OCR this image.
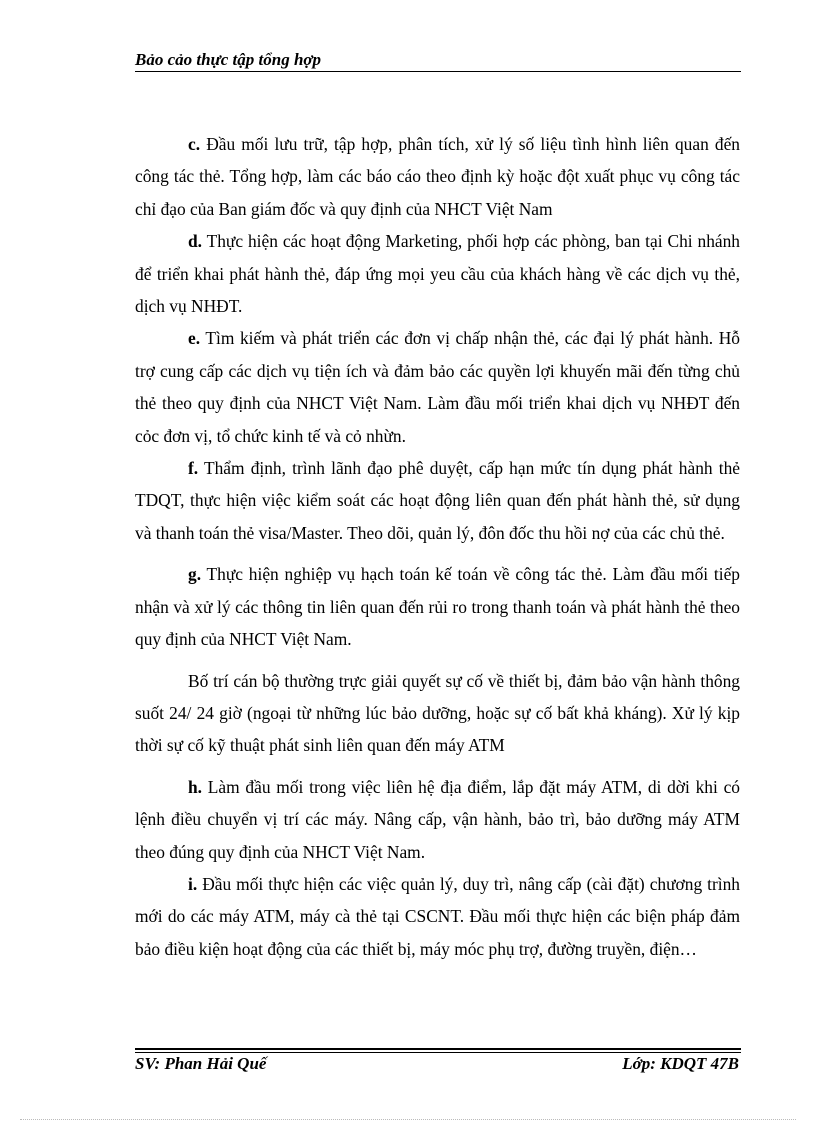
Bảo cảo thực tập tổng hợp

c. Đầu mối lưu trữ, tập hợp, phân tích, xử lý số liệu tình hình liên quan đến công tác thẻ. Tổng hợp, làm các báo cáo theo định kỳ hoặc đột xuất phục vụ công tác chỉ đạo của Ban giám đốc và quy định của NHCT Việt Nam

d. Thực hiện các hoạt động Marketing, phối hợp các phòng, ban tại Chi nhánh để triển khai phát hành thẻ, đáp ứng mọi yeu cầu của khách hàng về các dịch vụ thẻ, dịch vụ NHĐT.

e. Tìm kiếm và phát triển các đơn vị chấp nhận thẻ, các đại lý phát hành. Hỗ trợ cung cấp các dịch vụ tiện ích và đảm bảo các quyền lợi khuyến mãi đến từng chủ thẻ theo quy định của NHCT Việt Nam. Làm đầu mối triển khai dịch vụ NHĐT đến cỏc đơn vị, tổ chức kinh tế và cỏ nhừn.

f. Thẩm định, trình lãnh đạo phê duyệt, cấp hạn mức tín dụng phát hành thẻ TDQT, thực hiện việc kiểm soát các hoạt động liên quan đến phát hành thẻ, sử dụng và thanh toán thẻ visa/Master. Theo dõi, quản lý, đôn đốc thu hồi nợ của các chủ thẻ.

g. Thực hiện nghiệp vụ hạch toán kế toán về công tác thẻ. Làm đầu mối tiếp nhận và xử lý các thông tin liên quan đến rủi ro trong thanh toán và phát hành thẻ theo quy định của NHCT Việt Nam.

Bố trí cán bộ thường trực giải quyết sự cố về thiết bị, đảm bảo vận hành thông suốt 24/ 24 giờ (ngoại từ những lúc bảo dưỡng, hoặc sự cố bất khả kháng). Xử lý kịp thời sự cố kỹ thuật phát sinh liên quan đến máy ATM

h. Làm đầu mối trong việc liên hệ địa điểm, lắp đặt máy ATM, di dời khi có lệnh điều chuyển vị trí các máy. Nâng cấp, vận hành, bảo trì, bảo dưỡng máy ATM theo đúng quy định của NHCT Việt Nam.

i. Đầu mối thực hiện các việc quản lý, duy trì, nâng cấp (cài đặt) chương trình mới do các máy ATM, máy cà thẻ tại CSCNT. Đầu mối thực hiện các biện pháp đảm bảo điều kiện hoạt động của các thiết bị, máy móc phụ trợ, đường truyền, điện…

SV: Phan Hải Quế	Lớp: KDQT 47B
